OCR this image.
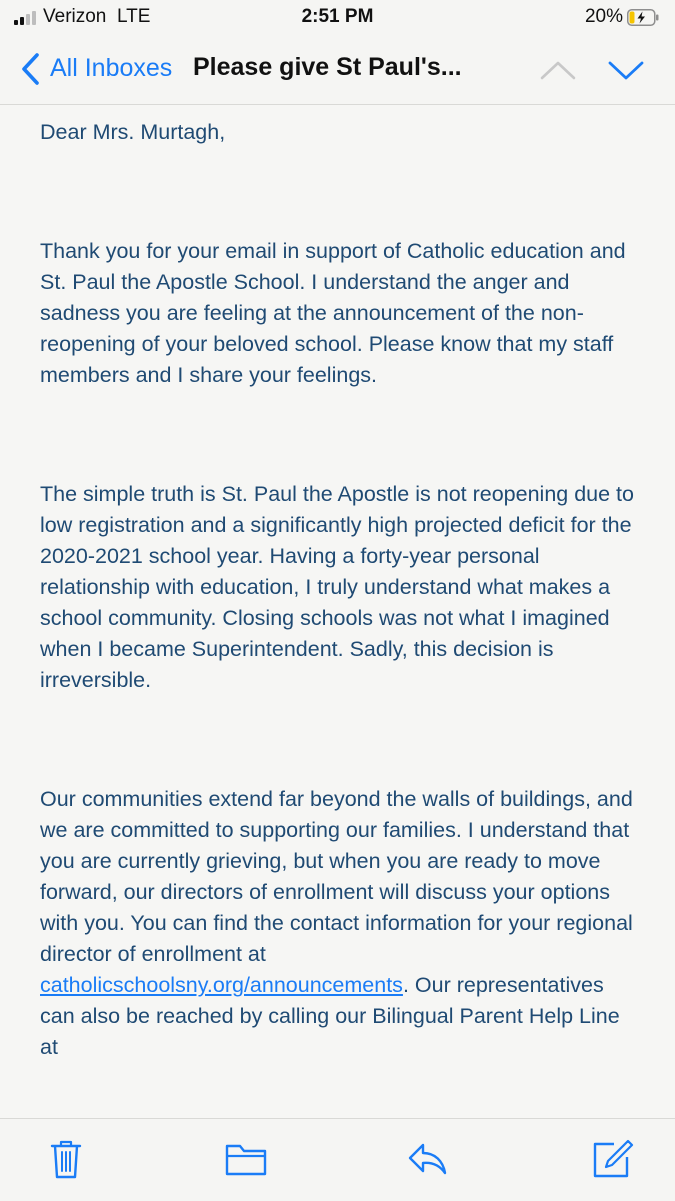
Verizon LTE	2:51 PM	20%
All Inboxes Please give St Paul's...

Dear Mrs. Murtagh,

Thank you for your email in support of Catholic education and St. Paul the Apostle School. I understand the anger and sadness you are feeling at the announcement of the non-reopening of your beloved school. Please know that my staff members and I share your feelings.

The simple truth is St. Paul the Apostle is not reopening due to low registration and a significantly high projected deficit for the 2020-2021 school year. Having a forty-year personal relationship with education, I truly understand what makes a school community. Closing schools was not what I imagined when I became Superintendent. Sadly, this decision is irreversible.

Our communities extend far beyond the walls of buildings, and we are committed to supporting our families. I understand that you are currently grieving, but when you are ready to move forward, our directors of enrollment will discuss your options with you. You can find the contact information for your regional director of enrollment at catholicschoolsny.org/announcements. Our representatives can also be reached by calling our Bilingual Parent Help Line at
